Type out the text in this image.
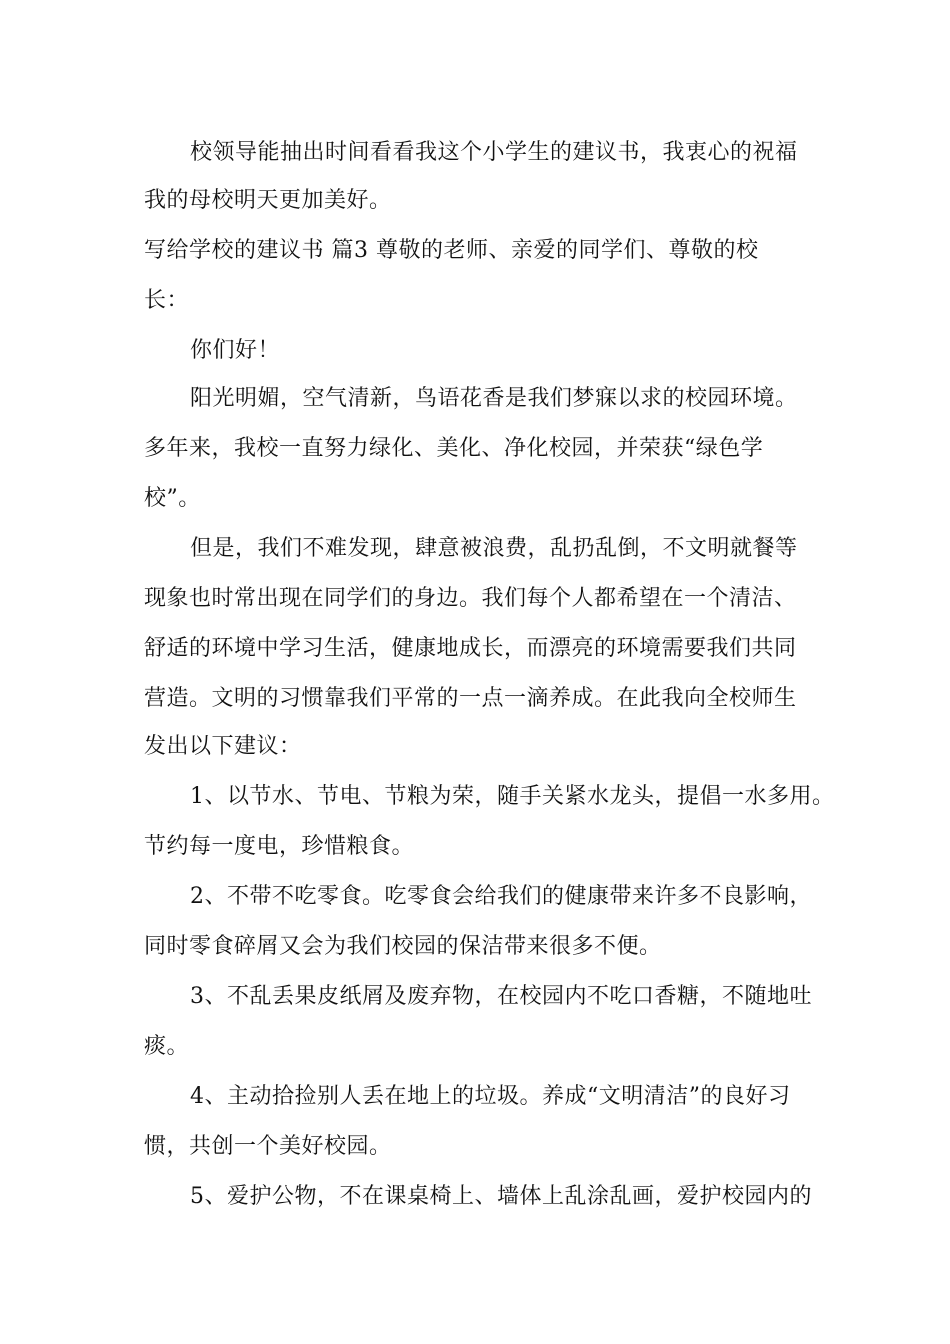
校领导能抽出时间看看我这个小学生的建议书，我衷心的祝福
我的母校明天更加美好。
写给学校的建议书 篇3 尊敬的老师、亲爱的同学们、尊敬的校
长：
你们好！
阳光明媚，空气清新，鸟语花香是我们梦寐以求的校园环境。
多年来，我校一直努力绿化、美化、净化校园，并荣获“绿色学
校”。
但是，我们不难发现，肆意被浪费，乱扔乱倒，不文明就餐等
现象也时常出现在同学们的身边。我们每个人都希望在一个清洁、
舒适的环境中学习生活，健康地成长，而漂亮的环境需要我们共同
营造。文明的习惯靠我们平常的一点一滴养成。在此我向全校师生
发出以下建议：
1、以节水、节电、节粮为荣，随手关紧水龙头，提倡一水多用。
节约每一度电，珍惜粮食。
2、不带不吃零食。吃零食会给我们的健康带来许多不良影响，
同时零食碎屑又会为我们校园的保洁带来很多不便。
3、不乱丢果皮纸屑及废弃物，在校园内不吃口香糖，不随地吐
痰。
4、主动拾捡别人丢在地上的垃圾。养成“文明清洁”的良好习
惯，共创一个美好校园。
5、爱护公物，不在课桌椅上、墙体上乱涂乱画，爱护校园内的
